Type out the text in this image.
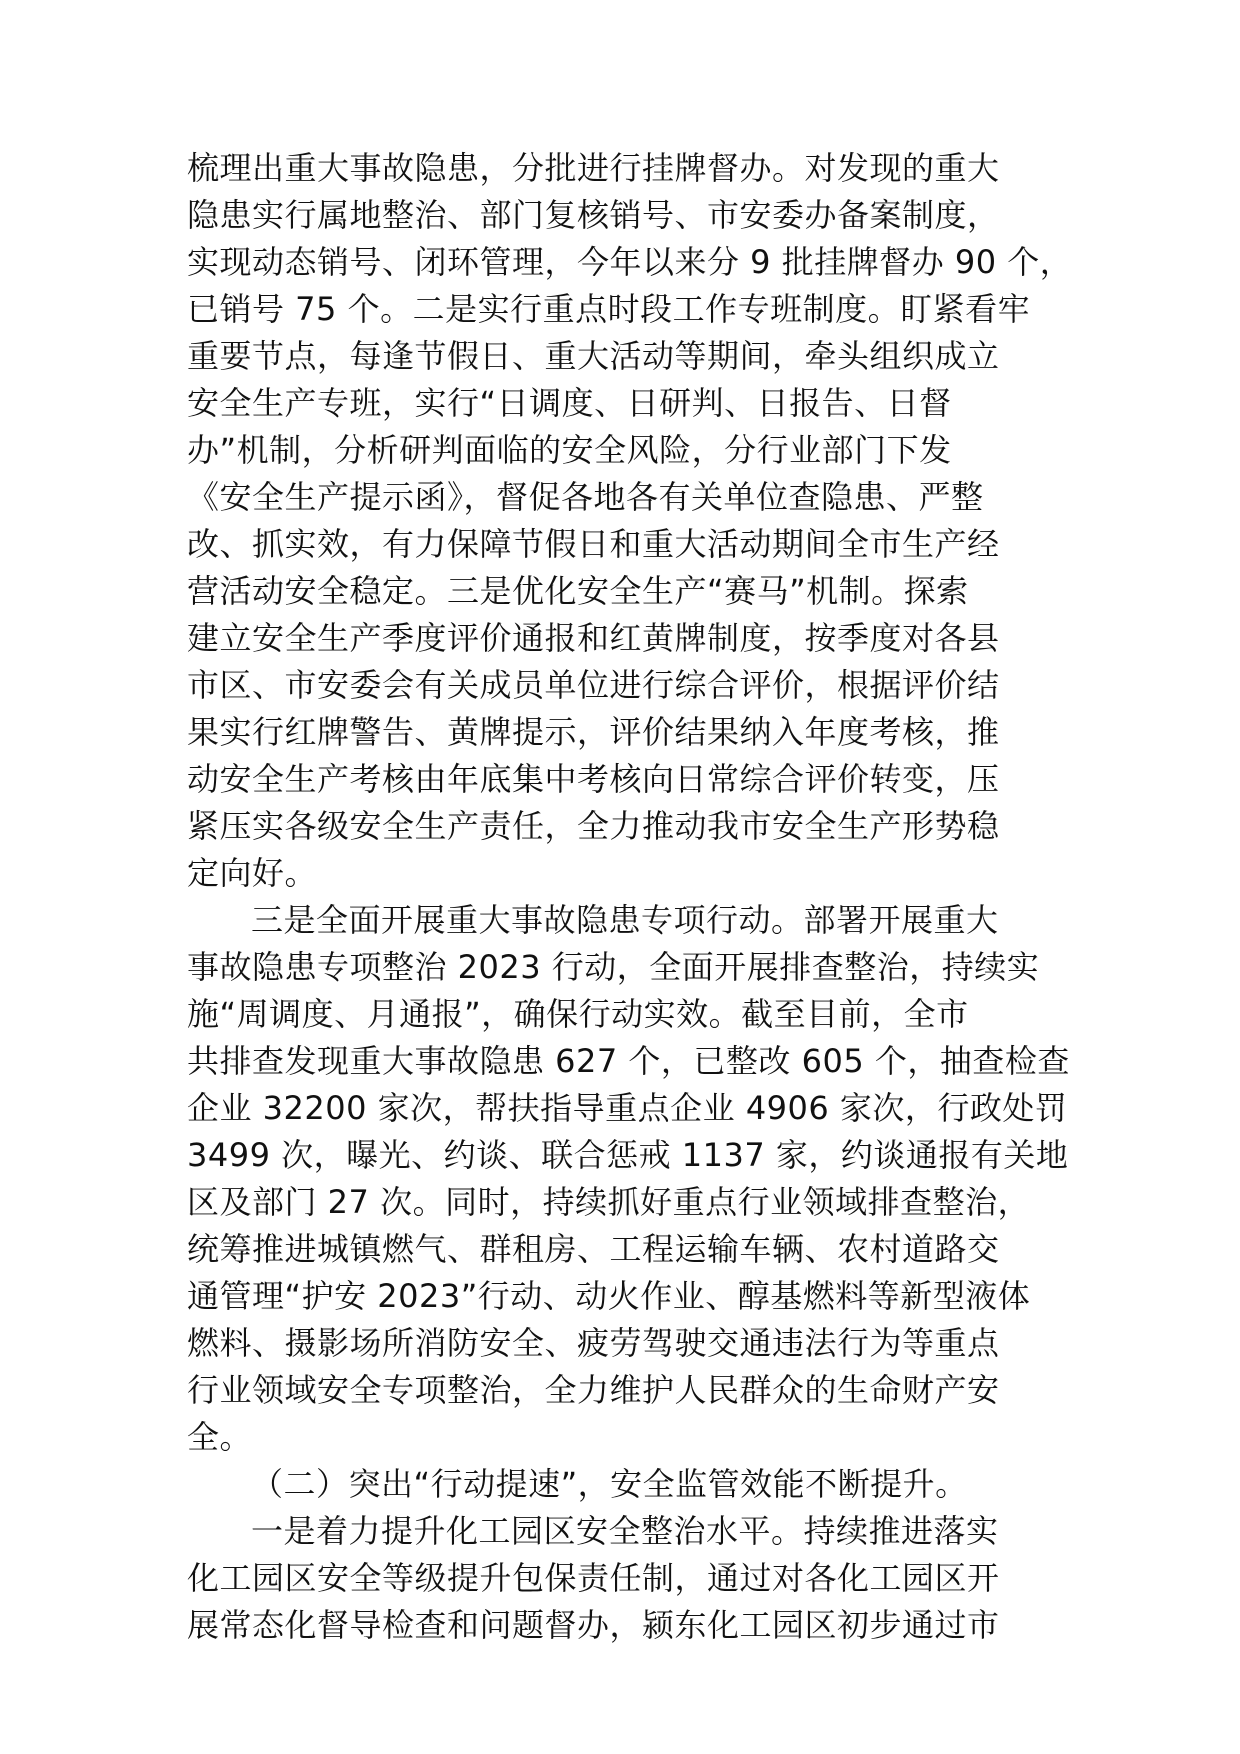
梳理出重大事故隐患，分批进行挂牌督办。对发现的重大
隐患实行属地整治、部门复核销号、市安委办备案制度，
实现动态销号、闭环管理，今年以来分 9 批挂牌督办 90 个，
已销号 75 个。二是实行重点时段工作专班制度。盯紧看牢
重要节点，每逢节假日、重大活动等期间，牵头组织成立
安全生产专班，实行“日调度、日研判、日报告、日督
办”机制，分析研判面临的安全风险，分行业部门下发
《安全生产提示函》，督促各地各有关单位查隐患、严整
改、抓实效，有力保障节假日和重大活动期间全市生产经
营活动安全稳定。三是优化安全生产“赛马”机制。探索
建立安全生产季度评价通报和红黄牌制度，按季度对各县
市区、市安委会有关成员单位进行综合评价，根据评价结
果实行红牌警告、黄牌提示，评价结果纳入年度考核，推
动安全生产考核由年底集中考核向日常综合评价转变，压
紧压实各级安全生产责任，全力推动我市安全生产形势稳
定向好。
三是全面开展重大事故隐患专项行动。部署开展重大
事故隐患专项整治 2023 行动，全面开展排查整治，持续实
施“周调度、月通报”，确保行动实效。截至目前，全市
共排查发现重大事故隐患 627 个，已整改 605 个，抽查检查
企业 32200 家次，帮扶指导重点企业 4906 家次，行政处罚
3499 次，曝光、约谈、联合惩戒 1137 家，约谈通报有关地
区及部门 27 次。同时，持续抓好重点行业领域排查整治，
统筹推进城镇燃气、群租房、工程运输车辆、农村道路交
通管理“护安 2023”行动、动火作业、醇基燃料等新型液体
燃料、摄影场所消防安全、疲劳驾驶交通违法行为等重点
行业领域安全专项整治，全力维护人民群众的生命财产安
全。
（二）突出“行动提速”，安全监管效能不断提升。
一是着力提升化工园区安全整治水平。持续推进落实
化工园区安全等级提升包保责任制，通过对各化工园区开
展常态化督导检查和问题督办，颍东化工园区初步通过市
